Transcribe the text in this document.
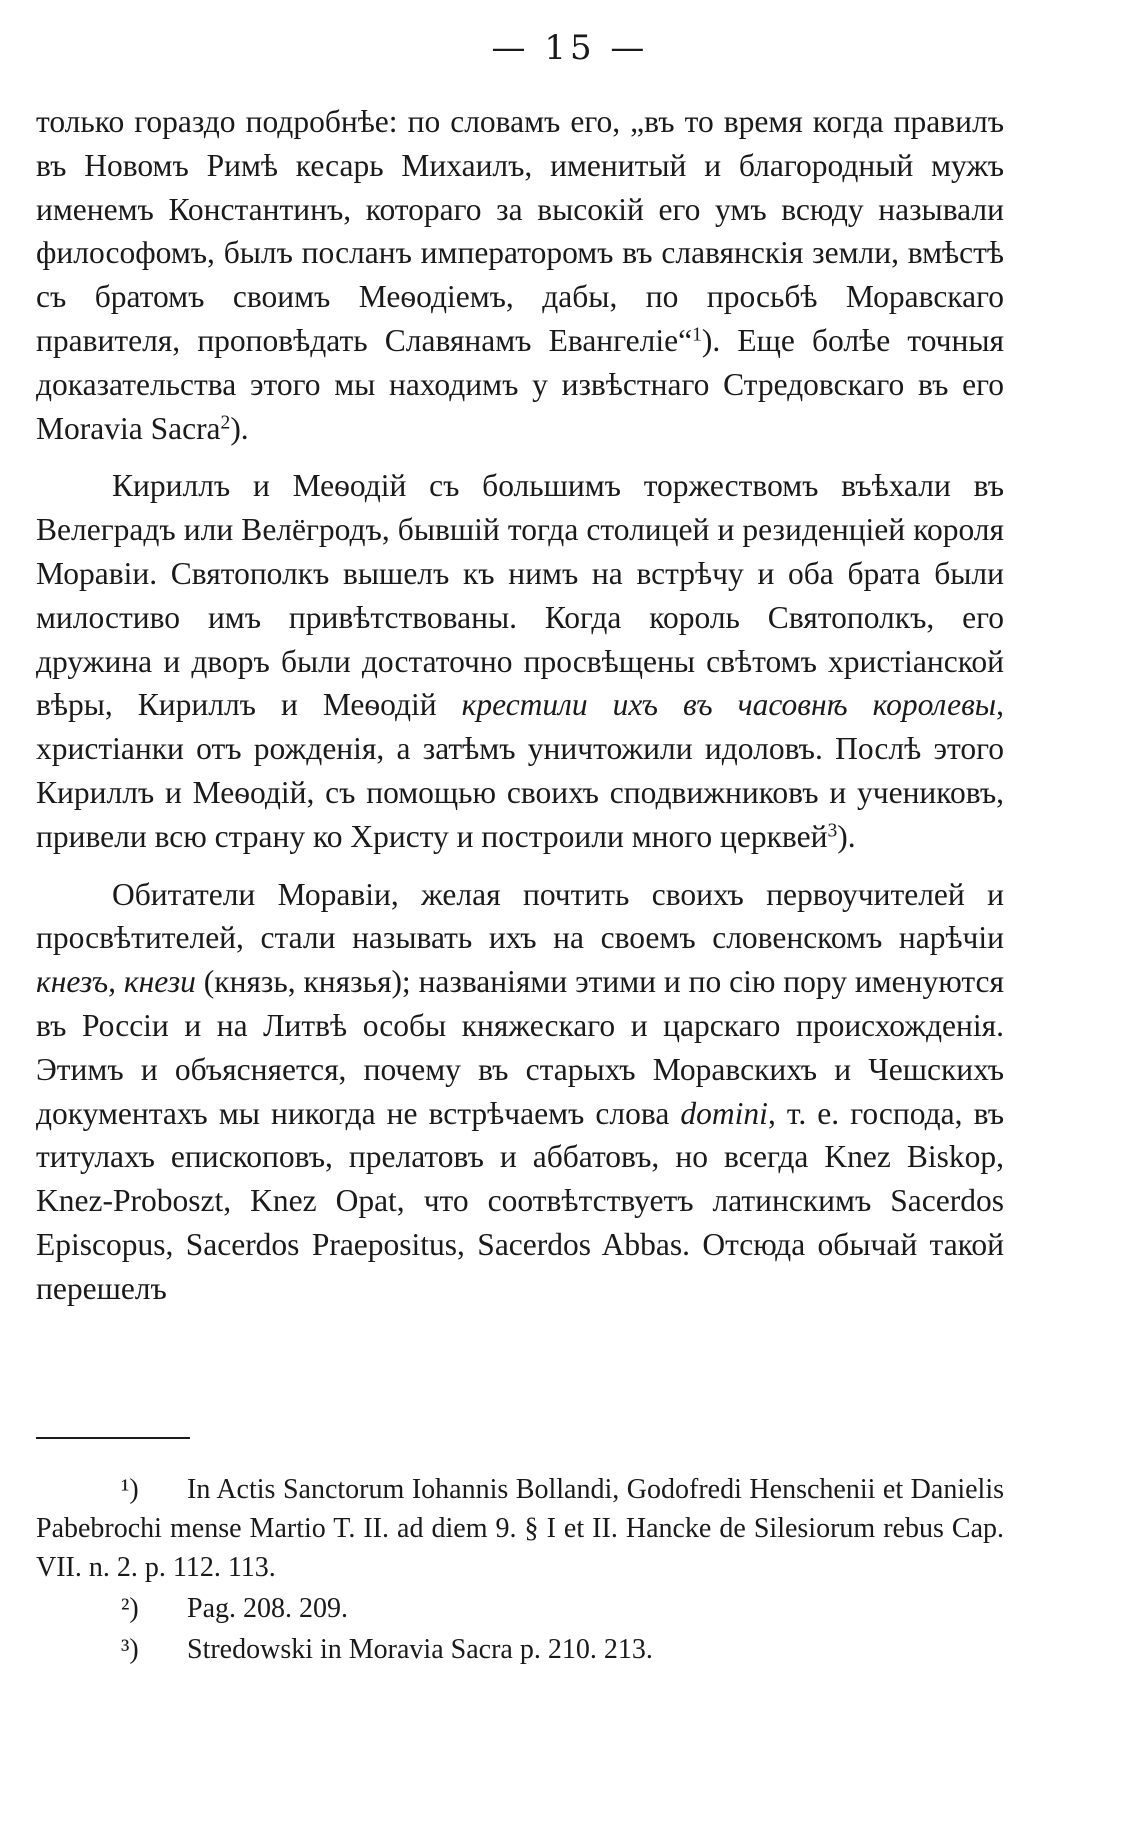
— 15 —

только гораздо подробнѣе: по словамъ его, „въ то время когда правилъ въ Новомъ Римѣ кесарь Михаилъ, именитый и благородный мужъ именемъ Константинъ, котораго за высокій его умъ всюду называли философомъ, былъ посланъ императоромъ въ славянскія земли, вмѣстѣ съ братомъ своимъ Меѳодіемъ, дабы, по просьбѣ Моравскаго правителя, проповѣдать Славянамъ Евангеліе“$^1$). Еще болѣе точныя доказательства этого мы находимъ у извѣстнаго Стредовскаго въ его Moravia Sacra$^2$).

Кириллъ и Меѳодій съ большимъ торжествомъ въѣхали въ Велеградъ или Велёгродъ, бывшій тогда столицей и резиденціей короля Моравіи. Святополкъ вышелъ къ нимъ на встрѣчу и оба брата были милостиво имъ привѣтствованы. Когда король Святополкъ, его дружина и дворъ были достаточно просвѣщены свѣтомъ христіанской вѣры, Кириллъ и Меѳодій крестили ихъ въ часовнѣ королевы, христіанки отъ рожденія, а затѣмъ уничтожили идоловъ. Послѣ этого Кириллъ и Меѳодій, съ помощью своихъ сподвижниковъ и учениковъ, привели всю страну ко Христу и построили много церквей$^3$).

Обитатели Моравіи, желая почтить своихъ первоучителей и просвѣтителей, стали называть ихъ на своемъ словенскомъ нарѣчіи кнезъ, кнези (князь, князья); названіями этими и по сію пору именуются въ Россіи и на Литвѣ особы княжескаго и царскаго происхожденія. Этимъ и объясняется, почему въ старыхъ Моравскихъ и Чешскихъ документахъ мы никогда не встрѣчаемъ слова domini, т. е. господа, въ титулахъ епископовъ, прелатовъ и аббатовъ, но всегда Knez Biskop, Knez-Proboszt, Knez Opat, что соотвѣтствуетъ латинскимъ Sacerdos Episcopus, Sacerdos Praepositus, Sacerdos Abbas. Отсюда обычай такой перешелъ

¹) In Actis Sanctorum Iohannis Bollandi, Godofredi Henschenii et Danielis Pabebrochi mense Martio T. II. ad diem 9. § I et II. Hancke de Silesiorum rebus Cap. VII. n. 2. p. 112. 113.

²) Pag. 208. 209.

³) Stredowski in Moravia Sacra p. 210. 213.
